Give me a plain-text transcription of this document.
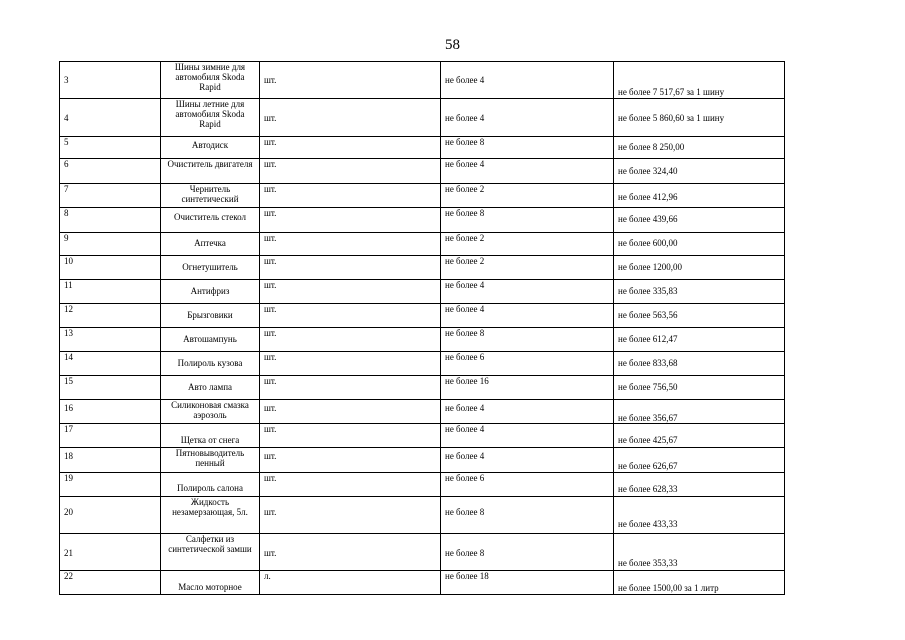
58
3	Шины зимние для автомобиля Skoda Rapid	шт.	не более 4	не более 7 517,67 за 1 шину

4	Шины летние для автомобиля Skoda Rapid	шт.	не более 4	не более 5 860,60 за 1 шину

5	Автодиск	шт.	не более 8	не более 8 250,00

6	Очиститель двигателя	шт.	не более 4	не более 324,40

7	Чернитель синтетический	шт.	не более 2	не более 412,96

8	Очиститель стекол	шт.	не более 8	не более 439,66

9	Аптечка	шт.	не более 2	не более 600,00

10	Огнетушитель	шт.	не более 2	не более 1200,00

11	Антифриз	шт.	не более 4	не более 335,83

12	Брызговики	шт.	не более 4	не более 563,56

13	Автошампунь	шт.	не более 8	не более 612,47

14	Полироль кузова	шт.	не более 6	не более 833,68

15	Авто лампа	шт.	не более 16	не более 756,50

16	Силиконовая смазка аэрозоль	шт.	не более 4	не более 356,67

17	Щетка от снега	шт.	не более 4	не более 425,67

18	Пятновыводитель пенный	шт.	не более 4	не более 626,67

19	Полироль салона	шт.	не более 6	не более 628,33

20	Жидкость незамерзающая, 5л.	шт.	не более 8	не более 433,33

21	Салфетки из синтетической замши	шт.	не более 8	не более 353,33

22	Масло моторное	л.	не более 18	не более 1500,00 за 1 литр
